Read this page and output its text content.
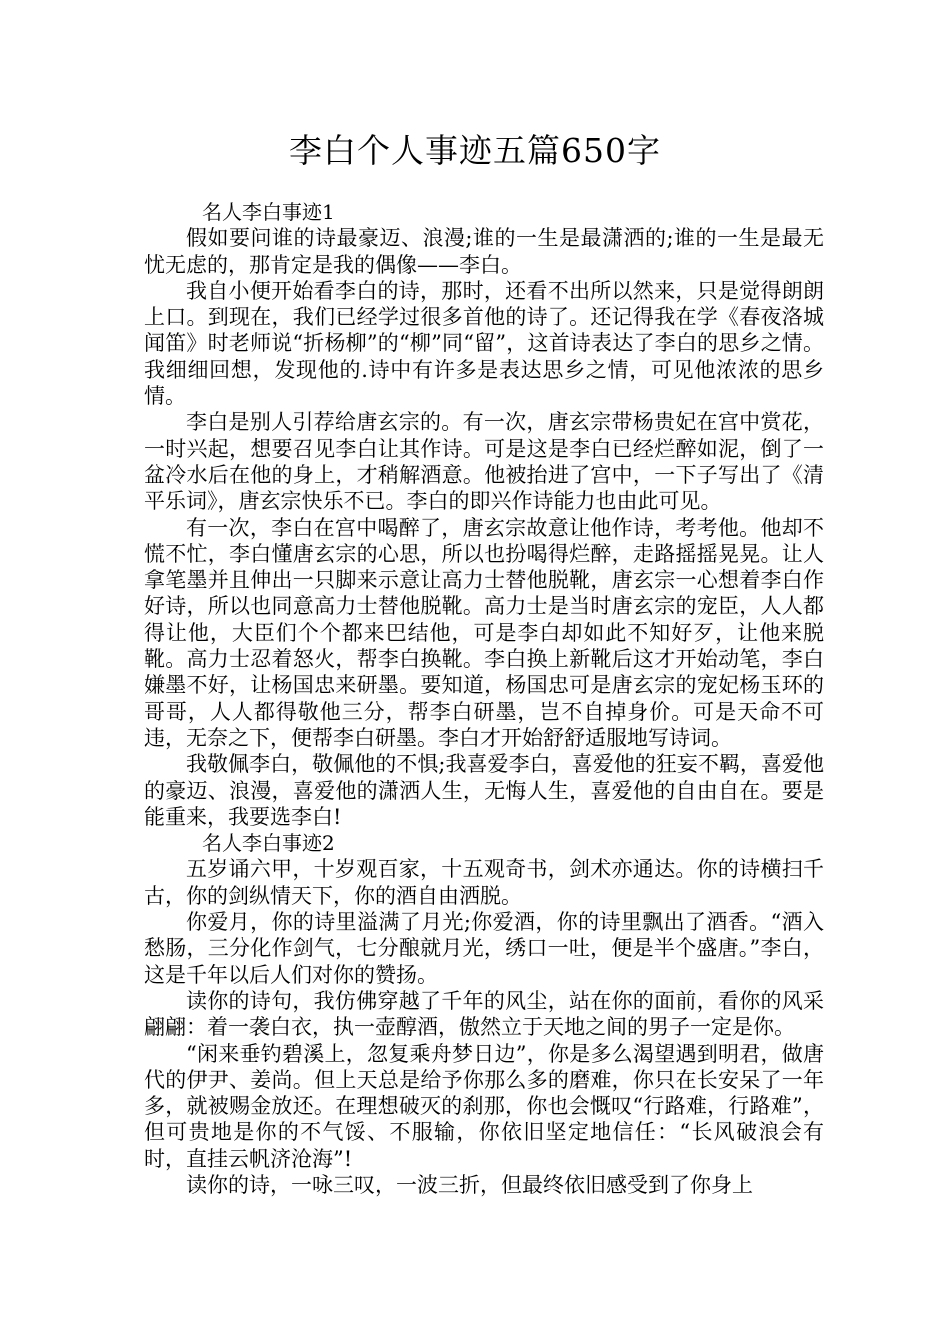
李白个人事迹五篇650字

名人李白事迹1

假如要问谁的诗最豪迈、浪漫;谁的一生是最潇洒的;谁的一生是最无忧无虑的，那肯定是我的偶像——李白。

我自小便开始看李白的诗，那时，还看不出所以然来，只是觉得朗朗上口。到现在，我们已经学过很多首他的诗了。还记得我在学《春夜洛城闻笛》时老师说“折杨柳”的“柳”同“留”，这首诗表达了李白的思乡之情。我细细回想，发现他的.诗中有许多是表达思乡之情，可见他浓浓的思乡情。

李白是别人引荐给唐玄宗的。有一次，唐玄宗带杨贵妃在宫中赏花，一时兴起，想要召见李白让其作诗。可是这是李白已经烂醉如泥，倒了一盆冷水后在他的身上，才稍解酒意。他被抬进了宫中，一下子写出了《清平乐词》，唐玄宗快乐不已。李白的即兴作诗能力也由此可见。

有一次，李白在宫中喝醉了，唐玄宗故意让他作诗，考考他。他却不慌不忙，李白懂唐玄宗的心思，所以也扮喝得烂醉，走路摇摇晃晃。让人拿笔墨并且伸出一只脚来示意让高力士替他脱靴，唐玄宗一心想着李白作好诗，所以也同意高力士替他脱靴。高力士是当时唐玄宗的宠臣，人人都得让他，大臣们个个都来巴结他，可是李白却如此不知好歹，让他来脱靴。高力士忍着怒火，帮李白换靴。李白换上新靴后这才开始动笔，李白嫌墨不好，让杨国忠来研墨。要知道，杨国忠可是唐玄宗的宠妃杨玉环的哥哥，人人都得敬他三分，帮李白研墨，岂不自掉身价。可是天命不可违，无奈之下，便帮李白研墨。李白才开始舒舒适服地写诗词。

我敬佩李白，敬佩他的不惧;我喜爱李白，喜爱他的狂妄不羁，喜爱他的豪迈、浪漫，喜爱他的潇洒人生，无悔人生，喜爱他的自由自在。要是能重来，我要选李白!

名人李白事迹2

五岁诵六甲，十岁观百家，十五观奇书，剑术亦通达。你的诗横扫千古，你的剑纵情天下，你的酒自由洒脱。

你爱月，你的诗里溢满了月光;你爱酒，你的诗里飘出了酒香。“酒入愁肠，三分化作剑气，七分酿就月光，绣口一吐，便是半个盛唐。”李白，这是千年以后人们对你的赞扬。

读你的诗句，我仿佛穿越了千年的风尘，站在你的面前，看你的风采翩翩：着一袭白衣，执一壶醇酒，傲然立于天地之间的男子一定是你。

“闲来垂钓碧溪上，忽复乘舟梦日边”，你是多么渴望遇到明君，做唐代的伊尹、姜尚。但上天总是给予你那么多的磨难，你只在长安呆了一年多，就被赐金放还。在理想破灭的刹那，你也会慨叹“行路难，行路难”，但可贵地是你的不气馁、不服输，你依旧坚定地信任：“长风破浪会有时，直挂云帆济沧海”!

读你的诗，一咏三叹，一波三折，但最终依旧感受到了你身上
